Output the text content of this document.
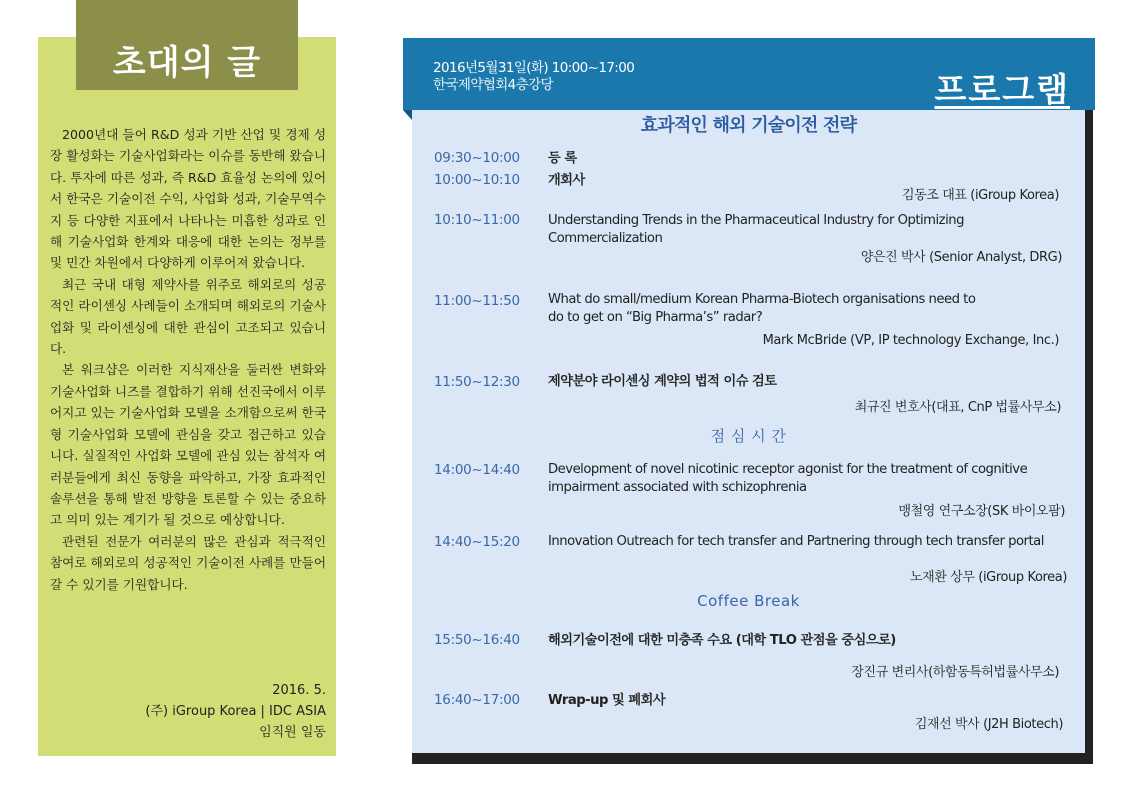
초대의 글

2000년대 들어 R&D 성과 기반 산업 및 경제 성장 활성화는 기술사업화라는 이슈를 동반해 왔습니다. 투자에 따른 성과, 즉 R&D 효율성 논의에 있어서 한국은 기술이전 수익, 사업화 성과, 기술무역수지 등 다양한 지표에서 나타나는 미흡한 성과로 인해 기술사업화 한계와 대응에 대한 논의는 정부를 및 민간 차원에서 다양하게 이루어져 왔습니다.

최근 국내 대형 제약사를 위주로 해외로의 성공적인 라이센싱 사례들이 소개되며 해외로의 기술사업화 및 라이센싱에 대한 관심이 고조되고 있습니다.

본 워크샵은 이러한 지식재산을 둘러싼 변화와 기술사업화 니즈를 결합하기 위해 선진국에서 이루어지고 있는 기술사업화 모델을 소개함으로써 한국형 기술사업화 모델에 관심을 갖고 접근하고 있습니다. 실질적인 사업화 모델에 관심 있는 참석자 여러분들에게 최신 동향을 파악하고, 가장 효과적인 솔루션을 통해 발전 방향을 토론할 수 있는 중요하고 의미 있는 계기가 될 것으로 예상합니다.

관련된 전문가 여러분의 많은 관심과 적극적인 참여로 해외로의 성공적인 기술이전 사례를 만들어갈 수 있기를 기원합니다.

2016. 5.
(주) iGroup Korea | IDC ASIA
임직원 일동
2016년5월31일(화) 10:00~17:00
한국제약협회4층강당	프로그램
효과적인 해외 기술이전 전략
09:30~10:00 등 록
10:00~10:10 개회사
김동조 대표 (iGroup Korea)
10:10~11:00 Understanding Trends in the Pharmaceutical Industry for Optimizing Commercialization
양은진 박사 (Senior Analyst, DRG)
11:00~11:50 What do small/medium Korean Pharma-Biotech organisations need to do to get on “Big Pharma’s” radar?
Mark McBride (VP, IP technology Exchange, Inc.)
11:50~12:30 제약분야 라이센싱 계약의 법적 이슈 검토
최규진 변호사(대표, CnP 법률사무소)
점 심 시 간
14:00~14:40 Development of novel nicotinic receptor agonist for the treatment of cognitive impairment associated with schizophrenia
맹철영 연구소장(SK 바이오팜)
14:40~15:20 Innovation Outreach for tech transfer and Partnering through tech transfer portal
노재환 상무 (iGroup Korea)
Coffee Break
15:50~16:40 해외기술이전에 대한 미충족 수요 (대학 TLO 관점을 중심으로)
장진규 변리사(하함동특허법률사무소)
16:40~17:00 Wrap-up 및 폐회사
김재선 박사 (J2H Biotech)
